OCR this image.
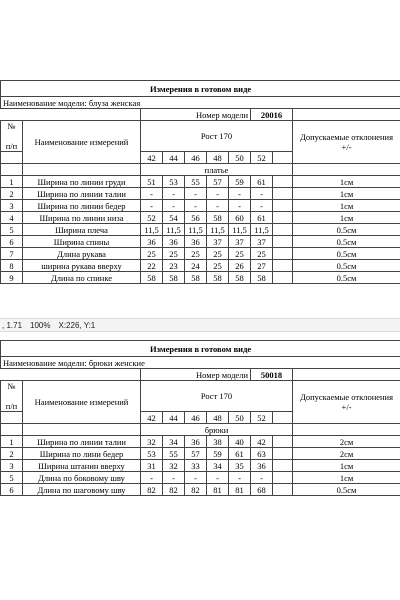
Измерения в готовом виде									
Наименование модели: блуза женская									
		Номер модели					20016		
№

п/п	Наименование измерений	Рост 170							Допускаемые отклонения +/-
		42	44	46	48	50	52		
		платье							
1	Ширина по линии груди	51	53	55	57	59	61		1см
2	Ширина по линии талии	-	-	-	-	-	-		1см
3	Ширина по линии бедер	-	-	-	-	-	-		1см
4	Ширина по линии низа	52	54	56	58	60	61		1см
5	Ширина плеча	11,5	11,5	11,5	11,5	11,5	11,5		0.5см
6	Ширина спины	36	36	36	37	37	37		0.5см
7	Длина рукава	25	25	25	25	25	25		0.5см
8	ширина рукава вверху	22	23	24	25	26	27		0.5см
9	Длина по спинке	58	58	58	58	58	58		0.5см
, 1.71 100% X:226, Y:1
Измерения в готовом виде									
Наименование модели: брюки женские									
		Номер модели					50018		
№

п/п	Наименование измерений	Рост 170							Допускаемые отклонения +/-
		42	44	46	48	50	52		
		брюки							
1	Ширина по линии талии	32	34	36	38	40	42		2см
2	Ширина по лини бедер	53	55	57	59	61	63		2см
3	Ширина штанин вверху	31	32	33	34	35	36		1см
5	Длина по боковому шву	-	-	-	-	-	-		1см
6	Длина по шаговому шву	82	82	82	81	81	68		0.5см
